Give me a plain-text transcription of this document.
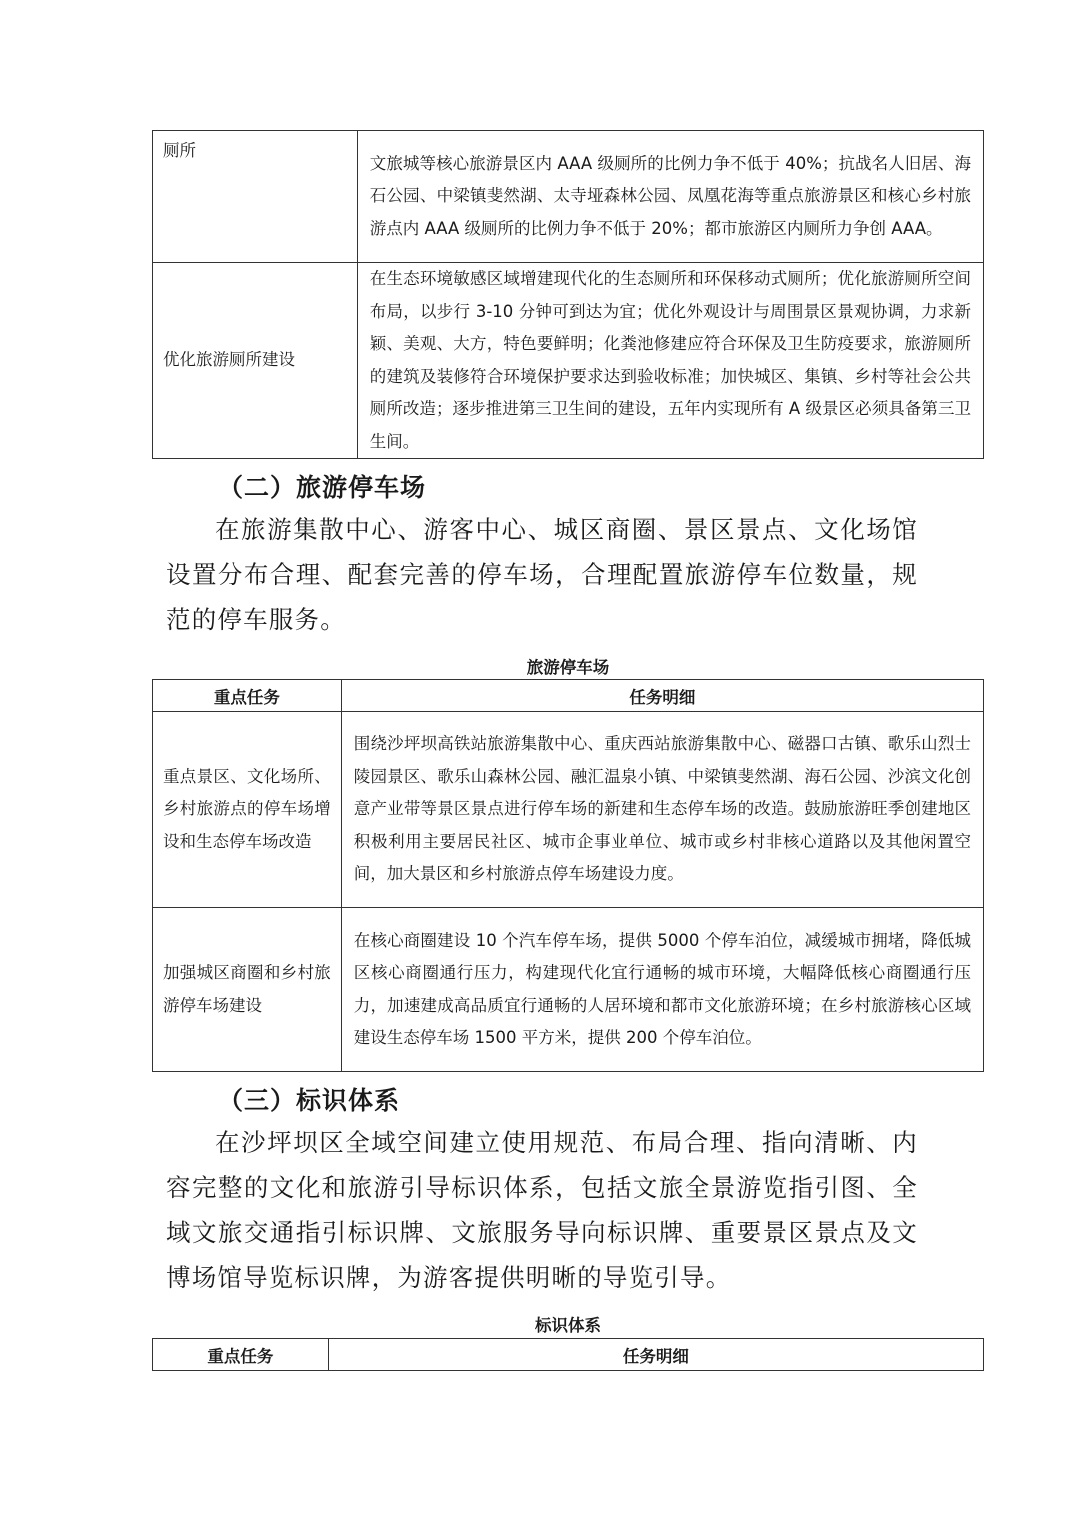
厕所	文旅城等核心旅游景区内 AAA 级厕所的比例力争不低于 40%；抗战名人旧居、海石公园、中梁镇斐然湖、太寺垭森林公园、凤凰花海等重点旅游景区和核心乡村旅游点内 AAA 级厕所的比例力争不低于 20%；都市旅游区内厕所力争创 AAA。
优化旅游厕所建设	在生态环境敏感区域增建现代化的生态厕所和环保移动式厕所；优化旅游厕所空间布局，以步行 3-10 分钟可到达为宜；优化外观设计与周围景区景观协调，力求新颖、美观、大方，特色要鲜明；化粪池修建应符合环保及卫生防疫要求，旅游厕所的建筑及装修符合环境保护要求达到验收标准；加快城区、集镇、乡村等社会公共厕所改造；逐步推进第三卫生间的建设，五年内实现所有 A 级景区必须具备第三卫生间。
（二）旅游停车场

在旅游集散中心、游客中心、城区商圈、景区景点、文化场馆设置分布合理、配套完善的停车场，合理配置旅游停车位数量，规范的停车服务。

旅游停车场

重点任务	任务明细
重点景区、文化场所、乡村旅游点的停车场增设和生态停车场改造	围绕沙坪坝高铁站旅游集散中心、重庆西站旅游集散中心、磁器口古镇、歌乐山烈士陵园景区、歌乐山森林公园、融汇温泉小镇、中梁镇斐然湖、海石公园、沙滨文化创意产业带等景区景点进行停车场的新建和生态停车场的改造。鼓励旅游旺季创建地区积极利用主要居民社区、城市企事业单位、城市或乡村非核心道路以及其他闲置空间，加大景区和乡村旅游点停车场建设力度。
加强城区商圈和乡村旅游停车场建设	在核心商圈建设 10 个汽车停车场，提供 5000 个停车泊位，减缓城市拥堵，降低城区核心商圈通行压力，构建现代化宜行通畅的城市环境，大幅降低核心商圈通行压力，加速建成高品质宜行通畅的人居环境和都市文化旅游环境；在乡村旅游核心区域建设生态停车场 1500 平方米，提供 200 个停车泊位。
（三）标识体系

在沙坪坝区全域空间建立使用规范、布局合理、指向清晰、内容完整的文化和旅游引导标识体系，包括文旅全景游览指引图、全域文旅交通指引标识牌、文旅服务导向标识牌、重要景区景点及文博场馆导览标识牌，为游客提供明晰的导览引导。

标识体系

重点任务	任务明细
